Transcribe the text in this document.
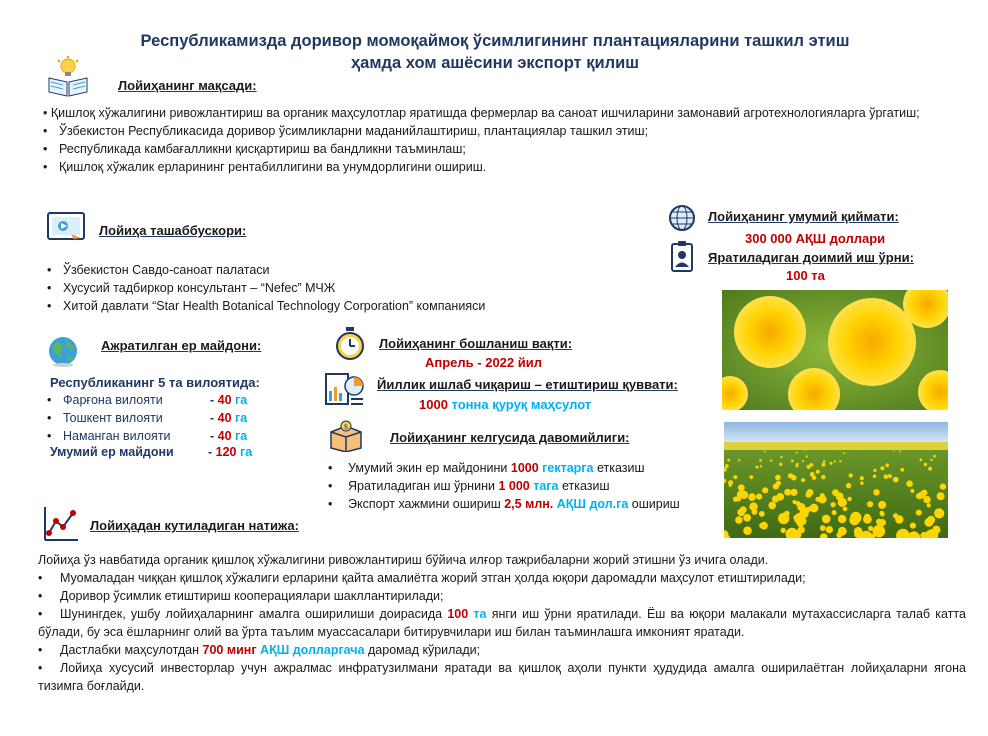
Республикамизда доривор момоқаймоқ ўсимлигининг плантацияларини ташкил этиш
ҳамда хом ашёсини экспорт қилиш
Лойиҳанинг мақсади:
• Қишлоқ хўжалигини ривожлантириш ва органик маҳсулотлар яратишда фермерлар ва саноат ишчиларини замонавий агротехнологияларга ўргатиш;
• Ўзбекистон Республикасида доривор ўсимликларни маданийлаштириш, плантациялар ташкил этиш;
• Республикада камбағалликни қисқартириш ва бандликни таъминлаш;
• Қишлоқ хўжалик ерларининг рентабиллигини ва унумдорлигини ошириш.
Лойиҳа ташаббускори:
• Ўзбекистон Савдо-саноат палатаси
• Хусусий тадбиркор консультант – “Nefec” МЧЖ
• Хитой давлати “Star Health Botanical Technology Corporation” компанияси
Лойиҳанинг умумий қиймати:
300 000 АҚШ доллари
Яратиладиган доимий иш ўрни:
100 та
Ажратилган ер майдони:
Республиканинг 5 та вилоятида:
• Фарғона вилояти	- 40 га
• Тошкент вилояти	- 40 га
• Наманган вилояти	- 40 га
Умумий ер майдони	- 120 га
Лойиҳанинг бошланиш вақти:
Апрель - 2022 йил
Йиллик ишлаб чиқариш – етиштириш қуввати:
1000 тонна қуруқ маҳсулот
$
Лойиҳанинг келгусида давомийлиги:
• Умумий экин ер майдонини 1000 гектарга етказиш
• Яратиладиган иш ўрнини 1 000 тага етказиш
• Экспорт хажмини ошириш 2,5 млн. АҚШ дол.га ошириш
Лойиҳадан кутиладиган натижа:
Лойиҳа ўз навбатида органик қишлоқ хўжалигини ривожлантириш бўйича илғор тажрибаларни жорий этишни ўз ичига олади.
• Муомаладан чиққан қишлоқ хўжалиги ерларини қайта амалиётга жорий этган ҳолда юқори даромадли маҳсулот етиштирилади;
• Доривор ўсимлик етиштириш кооперациялари шакллантирилади;
• Шунингдек, ушбу лойиҳаларнинг амалга оширилиши доирасида 100 та янги иш ўрни яратилади. Ёш ва юқори малакали мутахассисларга талаб катта бўлади, бу эса ёшларнинг олий ва ўрта таълим муассасалари битирувчилари иш билан таъминлашга имконият яратади.
• Дастлабки маҳсулотдан 700 минг АҚШ долларгача даромад кўрилади;
• Лойиҳа хусусий инвесторлар учун ажралмас инфратузилмани яратади ва қишлоқ аҳоли пункти ҳудудида амалга оширилаётган лойиҳаларни ягона тизимга боғлайди.
